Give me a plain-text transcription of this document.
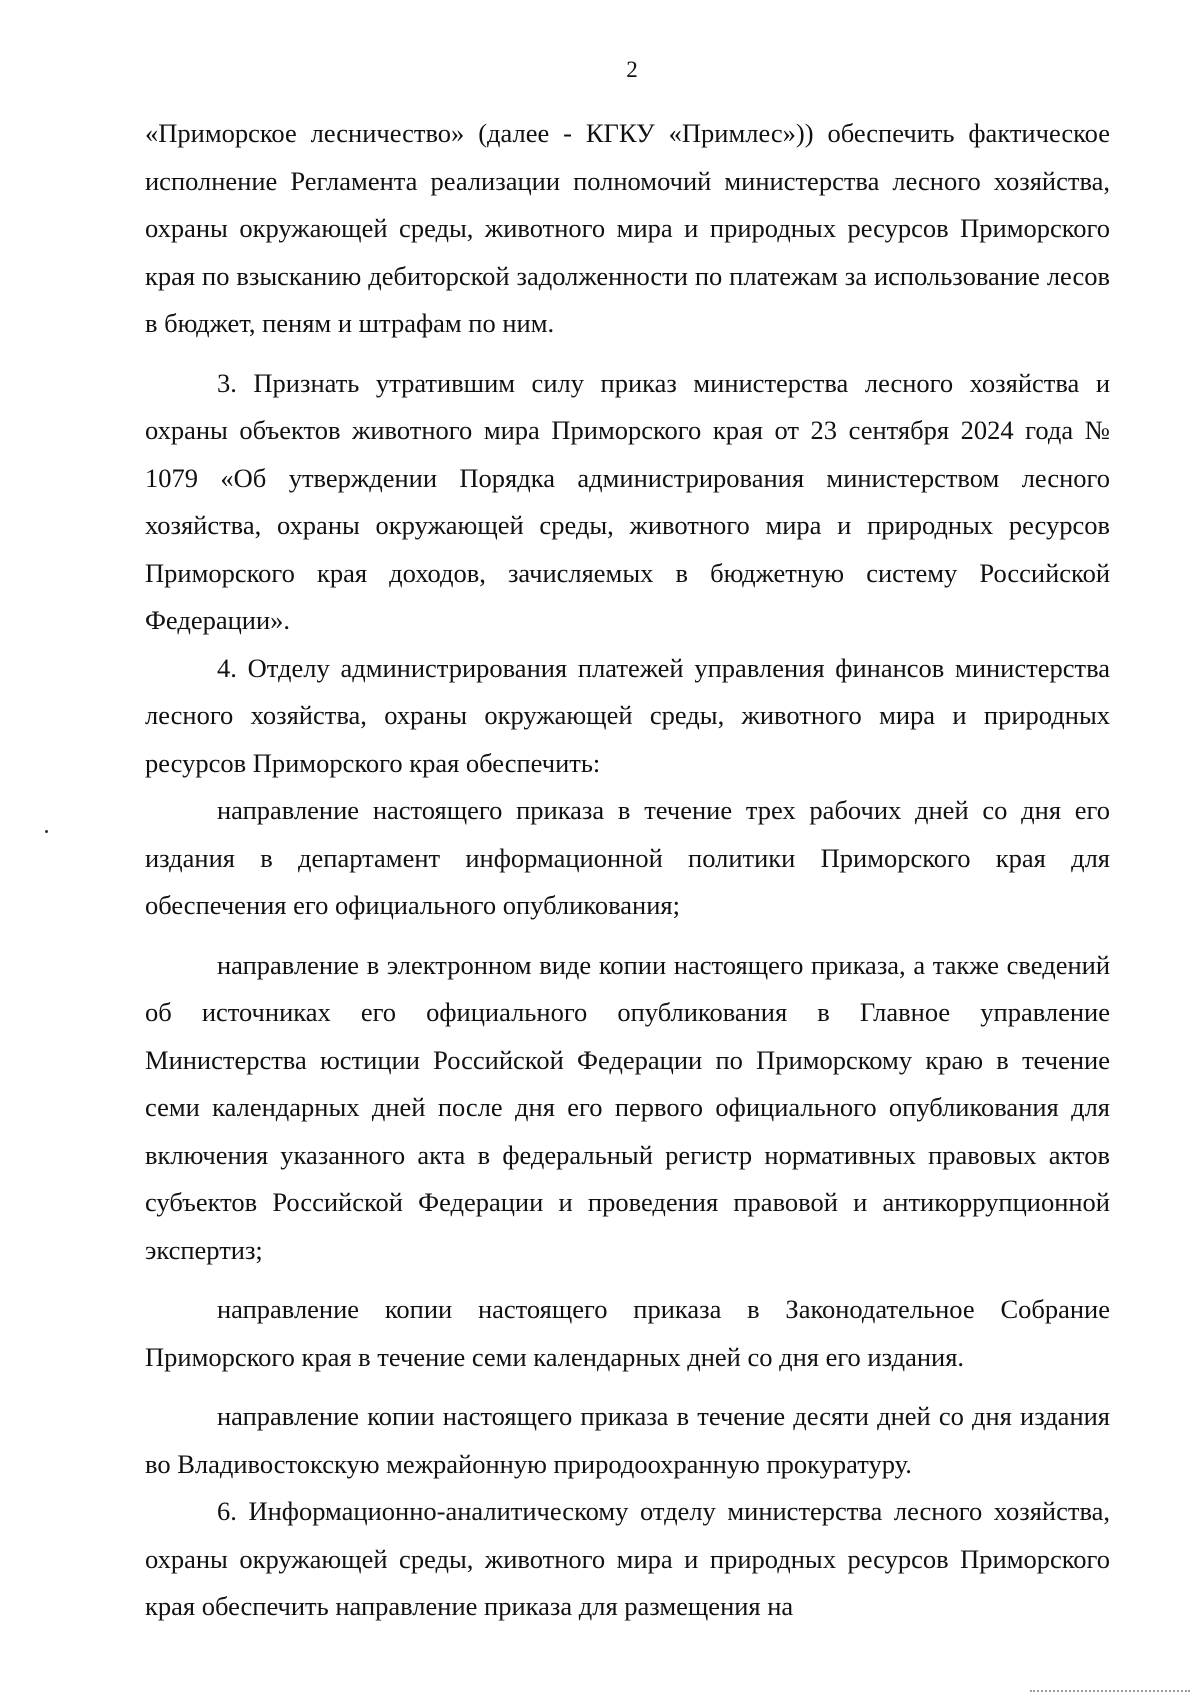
2

«Приморское лесничество» (далее - КГКУ «Примлес»)) обеспечить фактическое исполнение Регламента реализации полномочий министерства лесного хозяйства, охраны окружающей среды, животного мира и природных ресурсов Приморского края по взысканию дебиторской задолженности по платежам за использование лесов в бюджет, пеням и штрафам по ним.

3. Признать утратившим силу приказ министерства лесного хозяйства и охраны объектов животного мира Приморского края от 23 сентября 2024 года № 1079 «Об утверждении Порядка администрирования министерством лесного хозяйства, охраны окружающей среды, животного мира и природных ресурсов Приморского края доходов, зачисляемых в бюджетную систему Российской Федерации».

4. Отделу администрирования платежей управления финансов министерства лесного хозяйства, охраны окружающей среды, животного мира и природных ресурсов Приморского края обеспечить:

направление настоящего приказа в течение трех рабочих дней со дня его издания в департамент информационной политики Приморского края для обеспечения его официального опубликования;

направление в электронном виде копии настоящего приказа, а также сведений об источниках его официального опубликования в Главное управление Министерства юстиции Российской Федерации по Приморскому краю в течение семи календарных дней после дня его первого официального опубликования для включения указанного акта в федеральный регистр нормативных правовых актов субъектов Российской Федерации и проведения правовой и антикоррупционной экспертиз;

направление копии настоящего приказа в Законодательное Собрание Приморского края в течение семи календарных дней со дня его издания.

направление копии настоящего приказа в течение десяти дней со дня издания во Владивостокскую межрайонную природоохранную прокуратуру.

6. Информационно-аналитическому отделу министерства лесного хозяйства, охраны окружающей среды, животного мира и природных ресурсов Приморского края обеспечить направление приказа для размещения на
